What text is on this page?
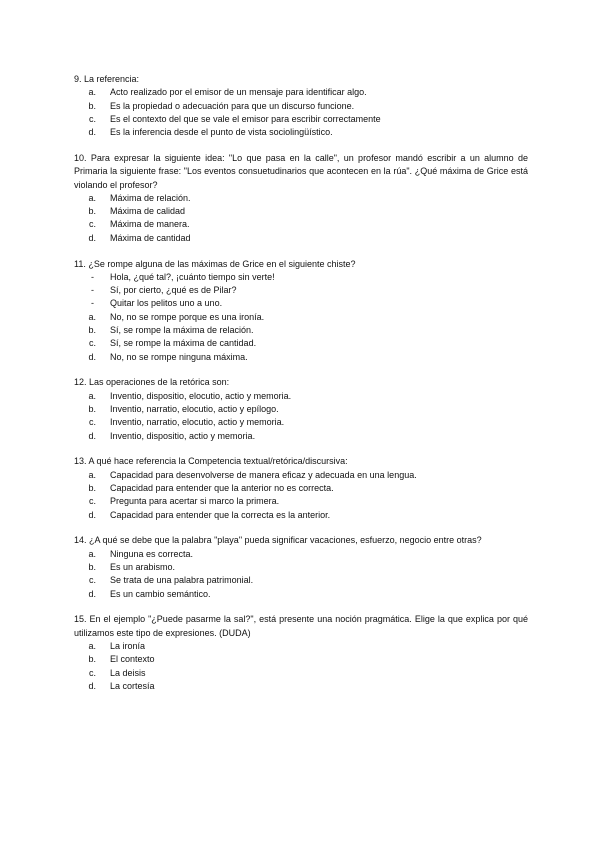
9. La referencia:
a.	Acto realizado por el emisor de un mensaje para identificar algo.
b.	Es la propiedad o adecuación para que un discurso funcione.
c.	Es el contexto del que se vale el emisor para escribir correctamente
d.	Es la inferencia desde el punto de vista sociolingüístico.
10. Para expresar la siguiente idea: "Lo que pasa en la calle", un profesor mandó escribir a un alumno de Primaria la siguiente frase: "Los eventos consuetudinarios que acontecen en la rúa". ¿Qué máxima de Grice está violando el profesor?
a.	Máxima de relación.
b.	Máxima de calidad
c.	Máxima de manera.
d.	Máxima de cantidad
11. ¿Se rompe alguna de las máximas de Grice en el siguiente chiste?
-	Hola, ¿qué tal?, ¡cuánto tiempo sin verte!
-	Sí, por cierto, ¿qué es de Pilar?
-	Quitar los pelitos uno a uno.
a.	No, no se rompe porque es una ironía.
b.	Sí, se rompe la máxima de relación.
c.	Sí, se rompe la máxima de cantidad.
d.	No, no se rompe ninguna máxima.
12. Las operaciones de la retórica son:
a.	Inventio, dispositio, elocutio, actio y memoria.
b.	Inventio, narratio, elocutio, actio y epílogo.
c.	Inventio, narratio, elocutio, actio y memoria.
d.	Inventio, dispositio, actio y memoria.
13. A qué hace referencia la Competencia textual/retórica/discursiva:
a.	Capacidad para desenvolverse de manera eficaz y adecuada en una lengua.
b.	Capacidad para entender que la anterior no es correcta.
c.	Pregunta para acertar si marco la primera.
d.	Capacidad para entender que la correcta es la anterior.
14. ¿A qué se debe que la palabra "playa" pueda significar vacaciones, esfuerzo, negocio entre otras?
a.	Ninguna es correcta.
b.	Es un arabismo.
c.	Se trata de una palabra patrimonial.
d.	Es un cambio semántico.
15. En el ejemplo "¿Puede pasarme la sal?", está presente una noción pragmática. Elige la que explica por qué utilizamos este tipo de expresiones. (DUDA)
a.	La ironía
b.	El contexto
c.	La deisis
d.	La cortesía
